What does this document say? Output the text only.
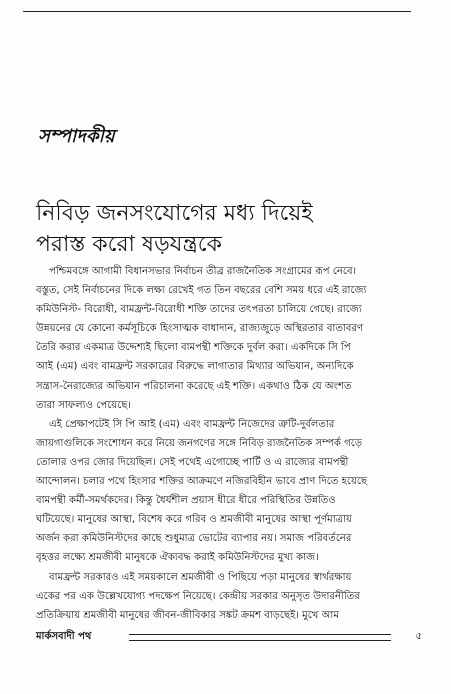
সম্পাদকীয়
নিবিড় জনসংযোগের মধ্য দিয়েই
পরাস্ত করো ষড়যন্ত্রকে
পশ্চিমবঙ্গে আগামী বিধানসভার নির্বাচন তীব্র রাজনৈতিক সংগ্রামের রূপ নেবে।
বস্তুত, সেই নির্বাচনের দিকে লক্ষ্য রেখেই গত তিন বছরের বেশি সময় ধরে এই রাজ্যে
কমিউনিস্ট- বিরোধী, বামফ্রন্ট-বিরোধী শক্তি তাদের তৎপরতা চালিয়ে গেছে। রাজ্যে
উন্নয়নের যে কোনো কর্মসূচিকে হিংসাত্মক বাধাদান, রাজ্যজুড়ে অস্থিরতার বাতাবরণ
তৈরি করার একমাত্র উদ্দেশ্যই ছিলো বামপন্থী শক্তিকে দুর্বল করা। একদিকে সি পি
আই (এম) এবং বামফ্রন্ট সরকারের বিরুদ্ধে লাগাতার মিথ্যার অভিযান, অন্যদিকে
সন্ত্রাস-নৈরাজ্যের অভিযান পরিচালনা করেছে এই শক্তি। একথাও ঠিক যে অংশত
তারা সাফল্যও পেয়েছে।
এই প্রেক্ষাপটেই সি পি আই (এম) এবং বামফ্রন্ট নিজেদের ত্রুটি-দুর্বলতার
জায়গাগুলিকে সংশোধন করে নিয়ে জনগণের সঙ্গে নিবিড় রাজনৈতিক সম্পর্ক গড়ে
তোলার ওপর জোর দিয়েছিল। সেই পথেই এগোচ্ছে পার্টি ও এ রাজ্যের বামপন্থী
আন্দোলন। চলার পথে হিংসার শক্তির আক্রমণে নজিরবিহীন ভাবে প্রাণ দিতে হয়েছে
বামপন্থী কর্মী-সমর্থকদের। কিন্তু ধৈর্যশীল প্রয়াস ধীরে ধীরে পরিস্থিতির উন্নতিও
ঘটিয়েছে। মানুষের আস্থা, বিশেষ করে গরিব ও শ্রমজীবী মানুষের আস্থা পূর্ণমাত্রায়
অর্জন করা কমিউনিস্টদের কাছে শুধুমাত্র ভোটের ব্যাপার নয়। সমাজ পরিবর্তনের
বৃহত্তর লক্ষ্যে শ্রমজীবী মানুষকে ঐক্যবদ্ধ করাই কমিউনিস্টদের মুখ্য কাজ।
বামফ্রন্ট সরকারও এই সময়কালে শ্রমজীবী ও পিছিয়ে পড়া মানুষের স্বার্থরক্ষায়
একের পর এক উল্লেখযোগ্য পদক্ষেপ নিয়েছে। কেন্দ্রীয় সরকার অনুসৃত উদারনীতির
প্রতিক্রিয়ায় শ্রমজীবী মানুষের জীবন-জীবিকার সঙ্কট ক্রমশ বাড়ছেই। মুখে আম
মার্কসবাদী পথ	৫
